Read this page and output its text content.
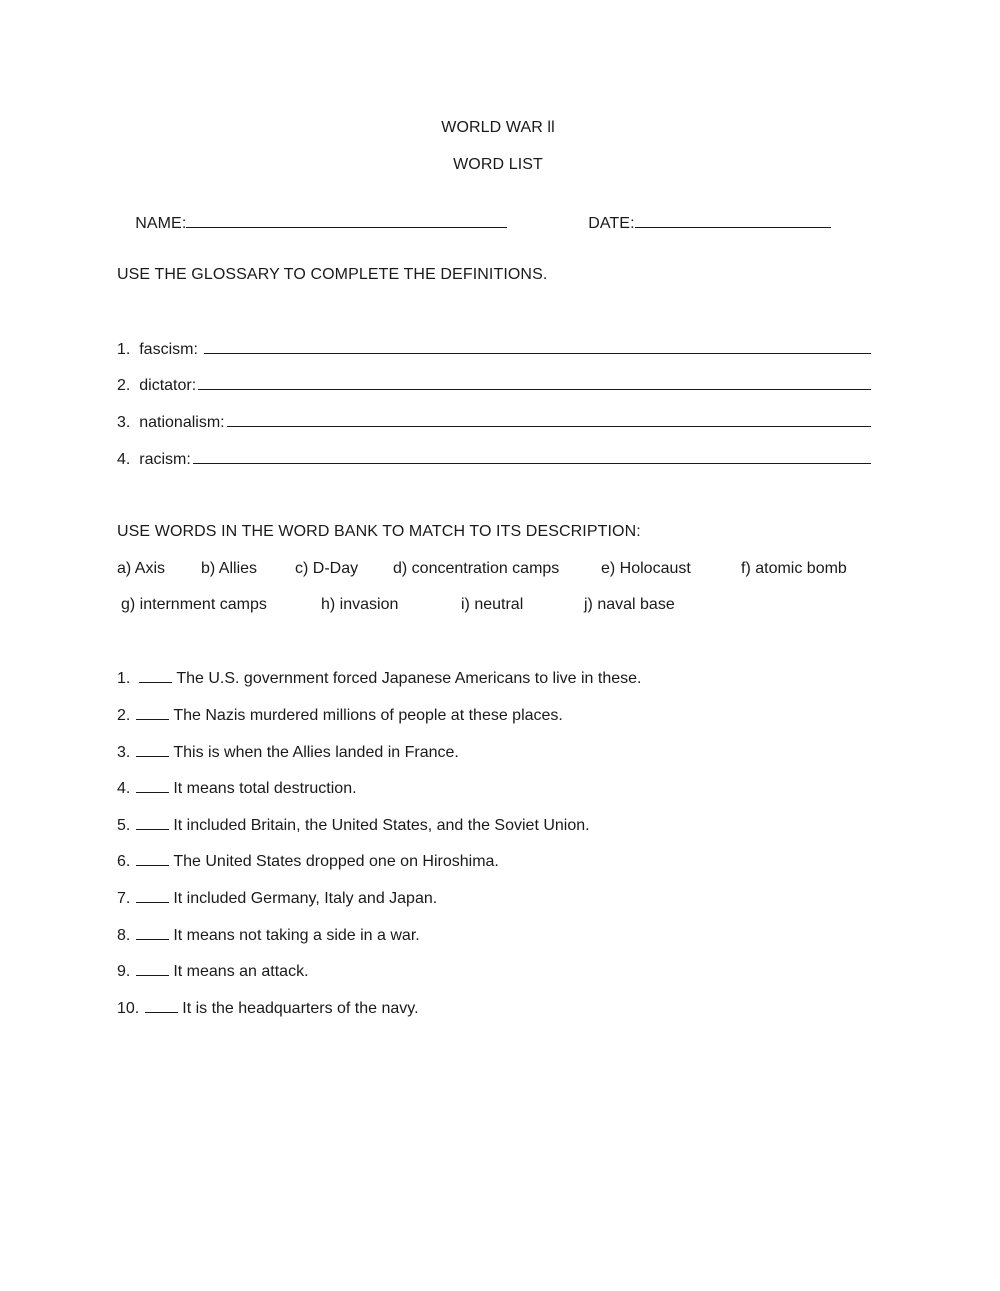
WORLD WAR ll
WORD LIST

NAME:
	DATE:

USE THE GLOSSARY TO COMPLETE THE DEFINITIONS.
1.
fascism:

2.
dictator:
3.
nationalism:
4.
racism:
USE WORDS IN THE WORD BANK TO MATCH TO ITS DESCRIPTION:
a) Axis b) Allies c) D-Day d) concentration camps	e) Holocaust	f) atomic bomb
g) internment camps	h) invasion	i) neutral	j) naval base
1.	The U.S. government forced Japanese Americans to live in these.
2.	The Nazis murdered millions of people at these places.
3.	This is when the Allies landed in France.
4.	It means total destruction.
5.	It included Britain, the United States, and the Soviet Union.
6.	The United States dropped one on Hiroshima.
7.	It included Germany, Italy and Japan.
8.	It means not taking a side in a war.
9.	It means an attack.
10.	It is the headquarters of the navy.
